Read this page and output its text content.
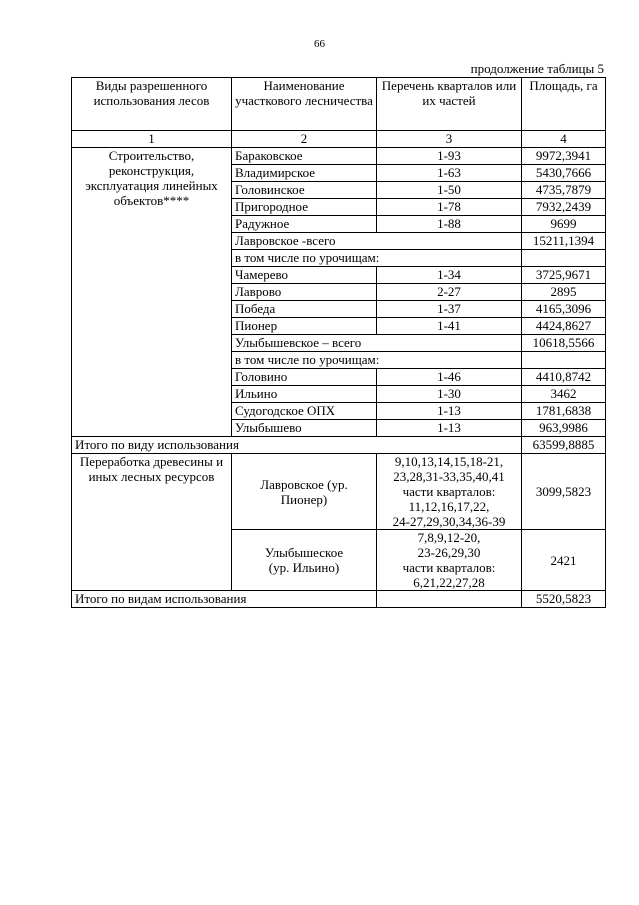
66
продолжение таблицы 5
Виды разрешенного использования лесов	Наименование участкового лесничества	Перечень кварталов или их частей	Площадь, га
1	2	3	4
Строительство, реконструкция, эксплуатация линейных объектов****	Бараковское	1-93	9972,3941
	Владимирское	1-63	5430,7666
	Головинское	1-50	4735,7879
	Пригородное	1-78	7932,2439
	Радужное	1-88	9699
	Лавровское -всего		15211,1394
	в том числе по урочищам:		
	Чамерево	1-34	3725,9671
	Лаврово	2-27	2895
	Победа	1-37	4165,3096
	Пионер	1-41	4424,8627
	Улыбышевское – всего		10618,5566
	в том числе по урочищам:		
	Головино	1-46	4410,8742
	Ильино	1-30	3462
	Судогодское ОПХ	1-13	1781,6838
	Улыбышево	1-13	963,9986
Итого по виду использования			63599,8885
Переработка древесины и иных лесных ресурсов	Лавровское (ур. Пионер)	9,10,13,14,15,18-21,
23,28,31-33,35,40,41
части кварталов:
11,12,16,17,22,
24-27,29,30,34,36-39	3099,5823
	Улыбышеское (ур. Ильино)	7,8,9,12-20,
23-26,29,30
части кварталов:
6,21,22,27,28	2421
Итого по видам использования			5520,5823
